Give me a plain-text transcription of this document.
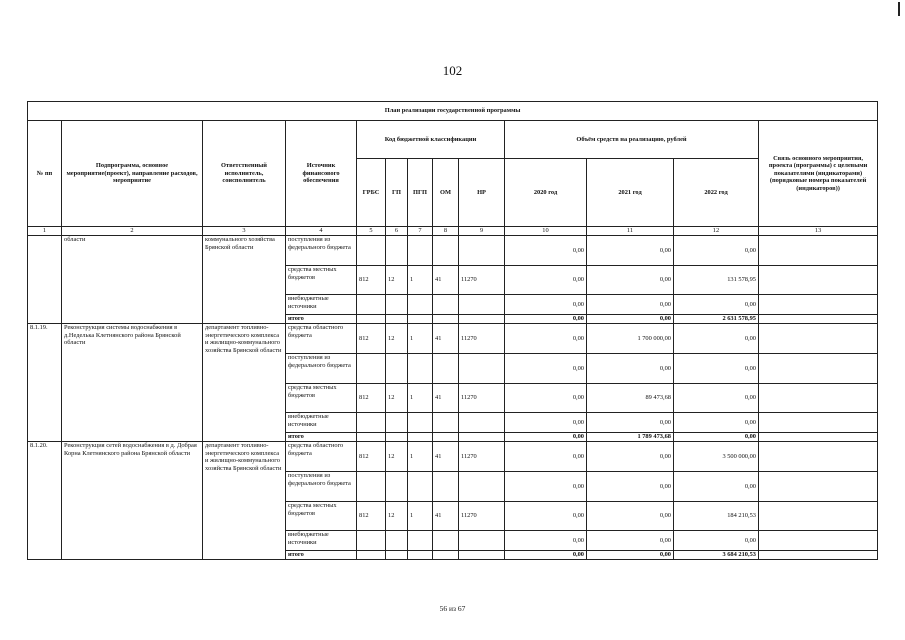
102
План реализации государственной программы												
№ пп	Подпрограмма, основное мероприятие(проект), направление расходов, мероприятие	Ответственный исполнитель, соисполнитель	Источник финансового обеспечения	Код бюджетной классификации					Объём средств на реализацию, рублей			Связь основного мероприятия, проекта (программы) с целевыми показателями (индикаторами) (порядковые номера показателей (индикаторов))
				ГРБС	ГП	ПГП	ОМ	НР	2020 год	2021 год	2022 год	
1	2	3	4	5	6	7	8	9	10	11	12	13
	области	коммунального хозяйства Брянской области	поступления из федерального бюджета						0,00	0,00	0,00	
			средства местных бюджетов	812	12	1	41	11270	0,00	0,00	131 578,95	
			внебюджетные источники						0,00	0,00	0,00	
			итого						0,00	0,00	2 631 578,95	
8.1.19.	Реконструкция системы водоснабжения в д.Неделька Клетнянского района Брянской области	департамент топливно-энергетического комплекса и жилищно-коммунального хозяйства Брянской области	средства областного бюджета	812	12	1	41	11270	0,00	1 700 000,00	0,00	
			поступления из федерального бюджета						0,00	0,00	0,00	
			средства местных бюджетов	812	12	1	41	11270	0,00	89 473,68	0,00	
			внебюджетные источники						0,00	0,00	0,00	
			итого						0,00	1 789 473,68	0,00	
8.1.20.	Реконструкция сетей водоснабжения в д. Добрая Корна Клетнянского района Брянской области	департамент топливно-энергетического комплекса и жилищно-коммунального хозяйства Брянской области	средства областного бюджета	812	12	1	41	11270	0,00	0,00	3 500 000,00	
			поступления из федерального бюджета						0,00	0,00	0,00	
			средства местных бюджетов	812	12	1	41	11270	0,00	0,00	184 210,53	
			внебюджетные источники						0,00	0,00	0,00	
			итого						0,00	0,00	3 684 210,53	
56 из 67
